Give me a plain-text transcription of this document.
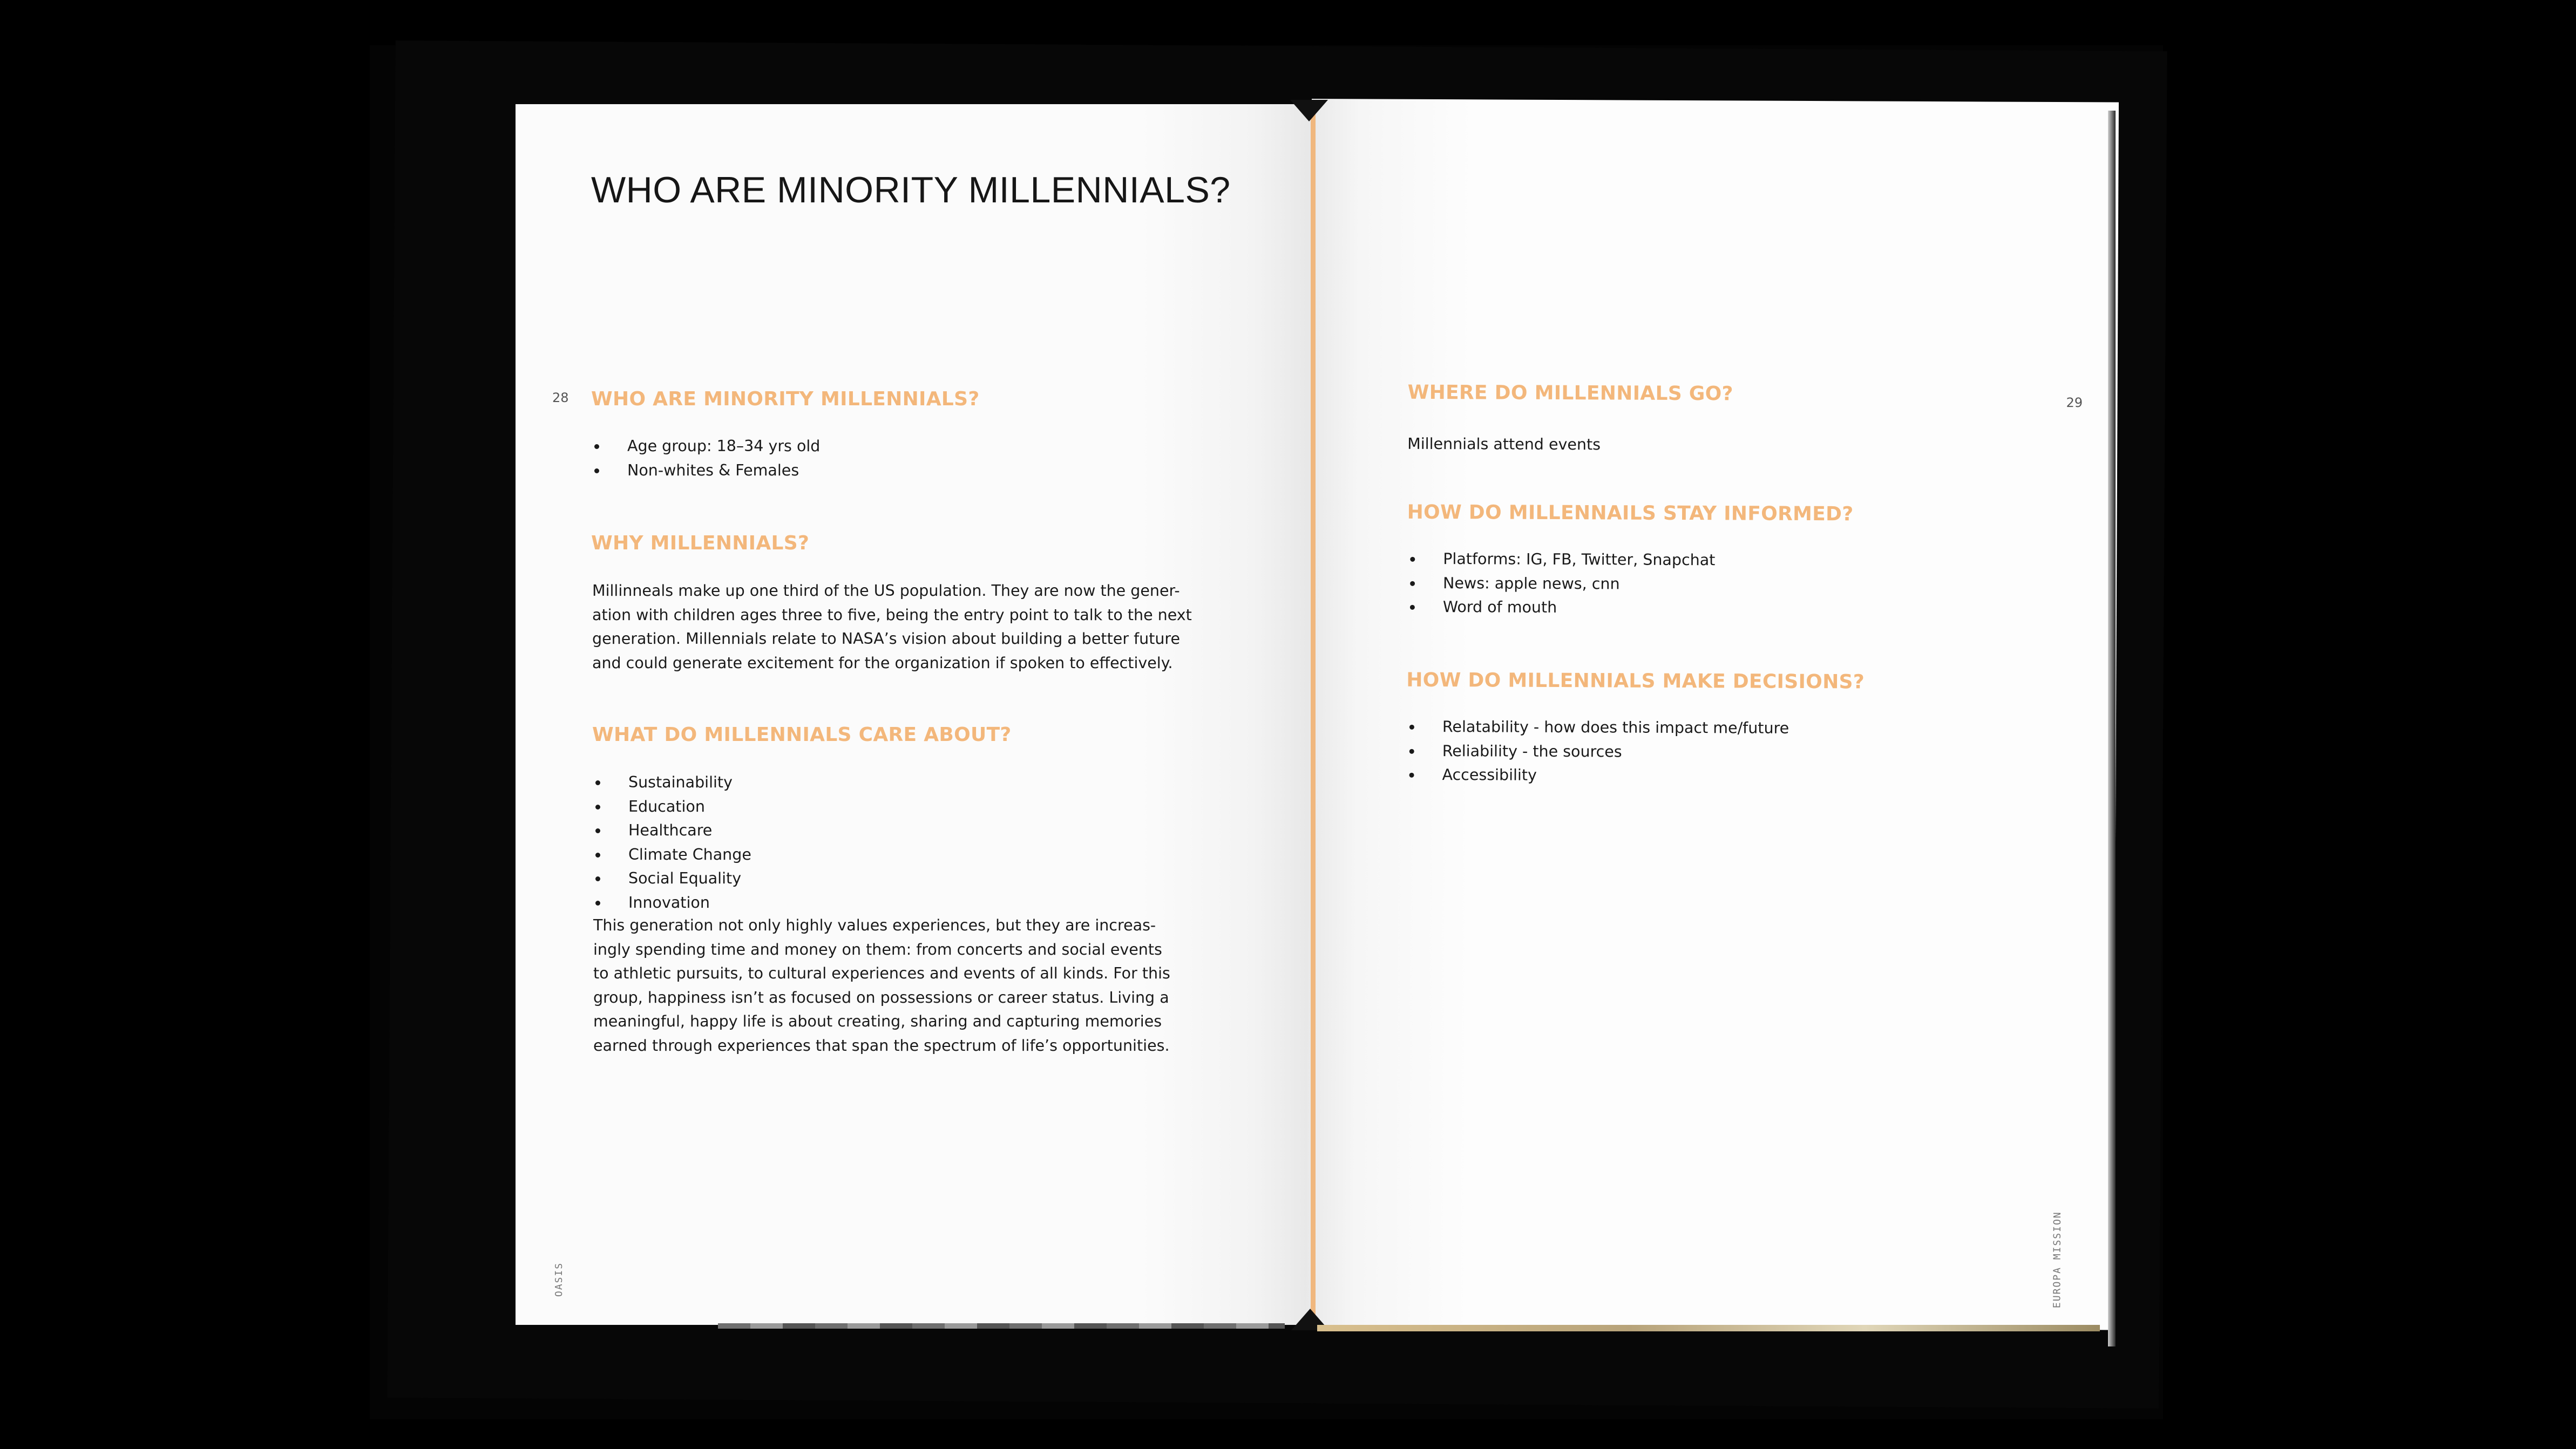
WHO ARE MINORITY MILLENNIALS?
28 WHO ARE MINORITY MILLENNIALS?
Age group: 18–34 yrs old
Non-whites & Females
WHY MILLENNIALS?
Millinneals make up one third of the US population. They are now the gener-
ation with children ages three to five, being the entry point to talk to the next
generation. Millennials relate to NASA’s vision about building a better future
and could generate excitement for the organization if spoken to effectively.
WHAT DO MILLENNIALS CARE ABOUT?
Sustainability
Education
Healthcare
Climate Change
Social Equality
Innovation
This generation not only highly values experiences, but they are increas-
ingly spending time and money on them: from concerts and social events
to athletic pursuits, to cultural experiences and events of all kinds. For this
group, happiness isn’t as focused on possessions or career status. Living a
meaningful, happy life is about creating, sharing and capturing memories
earned through experiences that span the spectrum of life’s opportunities.
OASIS
WHERE DO MILLENNIALS GO?	29
Millennials attend events
HOW DO MILLENNAILS STAY INFORMED?
Platforms: IG, FB, Twitter, Snapchat
News: apple news, cnn
Word of mouth
HOW DO MILLENNIALS MAKE DECISIONS?
Relatability - how does this impact me/future
Reliability - the sources
Accessibility
EUROPA MISSION
